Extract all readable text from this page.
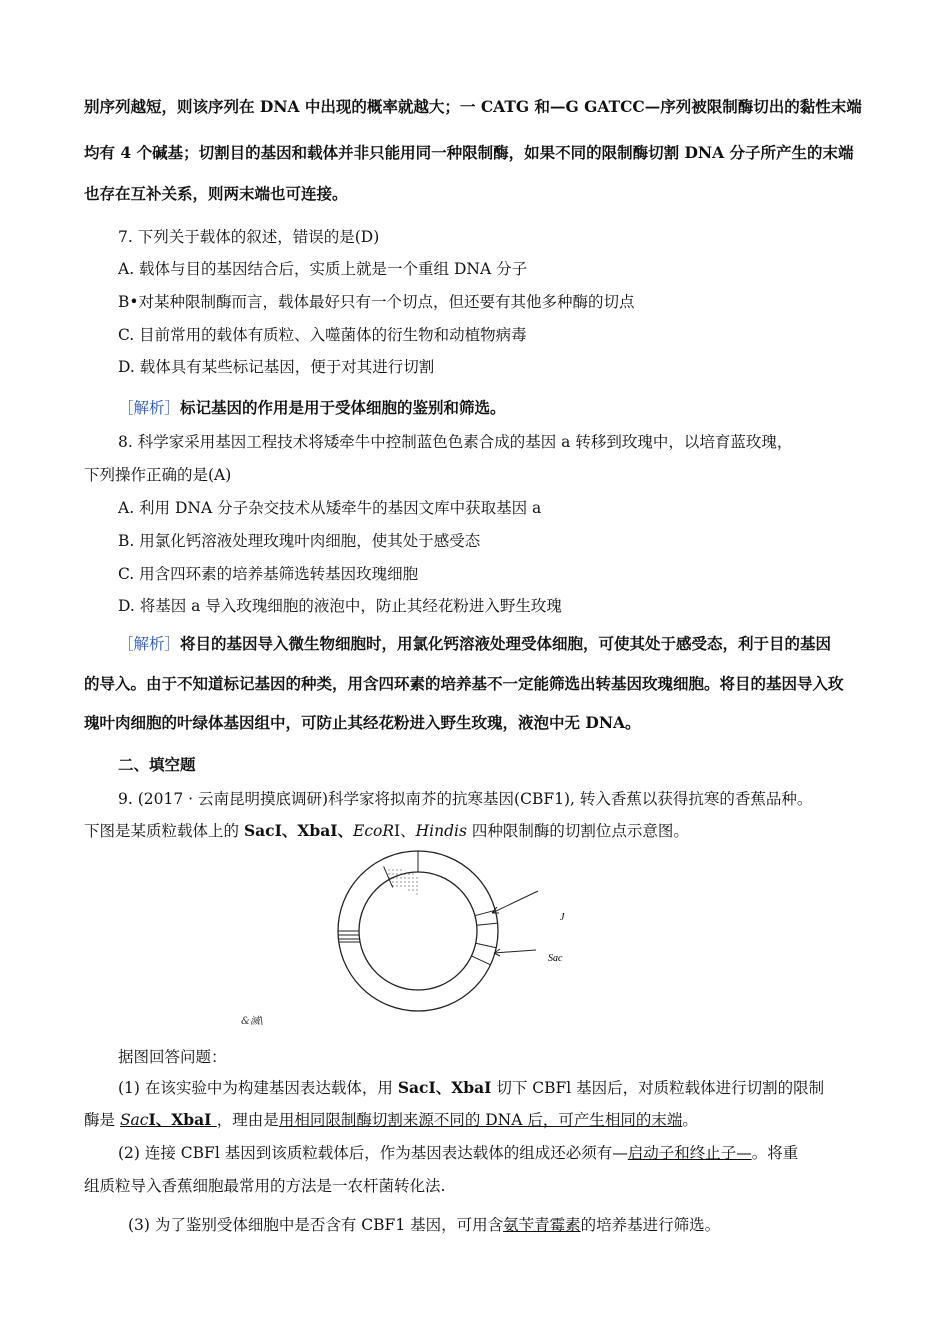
别序列越短，则该序列在 DNA 中出现的概率就越大；一 CATG 和—G GATCC—序列被限制酶切出的黏性末端
均有 4 个碱基；切割目的基因和载体并非只能用同一种限制酶，如果不同的限制酶切割 DNA 分子所产生的末端
也存在互补关系，则两末端也可连接。
7. 下列关于载体的叙述，错误的是(D)
A. 载体与目的基因结合后，实质上就是一个重组 DNA 分子
B•对某种限制酶而言，载体最好只有一个切点，但还要有其他多种酶的切点
C. 目前常用的载体有质粒、入噬菌体的衍生物和动植物病毒
D. 载体具有某些标记基因，便于对其进行切割
［解析］标记基因的作用是用于受体细胞的鉴别和筛选。
8. 科学家采用基因工程技术将矮牵牛中控制蓝色色素合成的基因 a 转移到玫瑰中，以培育蓝玫瑰，
下列操作正确的是(A)
A. 利用 DNA 分子杂交技术从矮牵牛的基因文库中获取基因 a
B. 用氯化钙溶液处理玫瑰叶肉细胞，使其处于感受态
C. 用含四环素的培养基筛选转基因玫瑰细胞
D. 将基因 a 导入玫瑰细胞的液泡中，防止其经花粉进入野生玫瑰
［解析］将目的基因导入微生物细胞时，用氯化钙溶液处理受体细胞，可使其处于感受态，利于目的基因
的导入。由于不知道标记基因的种类，用含四环素的培养基不一定能筛选出转基因玫瑰细胞。将目的基因导入玫
瑰叶肉细胞的叶绿体基因组中，可防止其经花粉进入野生玫瑰，液泡中无 DNA。
二、填空题
9. (2017 · 云南昆明摸底调研)科学家将拟南芥的抗寒基因(CBF1), 转入香蕉以获得抗寒的香蕉品种。
下图是某质粒载体上的 SacI、XbaI、EcoRI、Hindis 四种限制酶的切割位点示意图。
J
Sac
&滅\
据图回答问题：
(1) 在该实验中为构建基因表达载体，用 SacI、XbaI 切下 CBFl 基因后，对质粒载体进行切割的限制
酶是 SacI、XbaI ，理由是用相同限制酶切割来源不同的 DNA 后，可产生相同的末端。
(2) 连接 CBFl 基因到该质粒载体后，作为基因表达载体的组成还必须有—启动子和终止子—。将重
组质粒导入香蕉细胞最常用的方法是一农杆菌转化法.
(3) 为了鉴别受体细胞中是否含有 CBF1 基因，可用含氨苄青霉素的培养基进行筛选。
